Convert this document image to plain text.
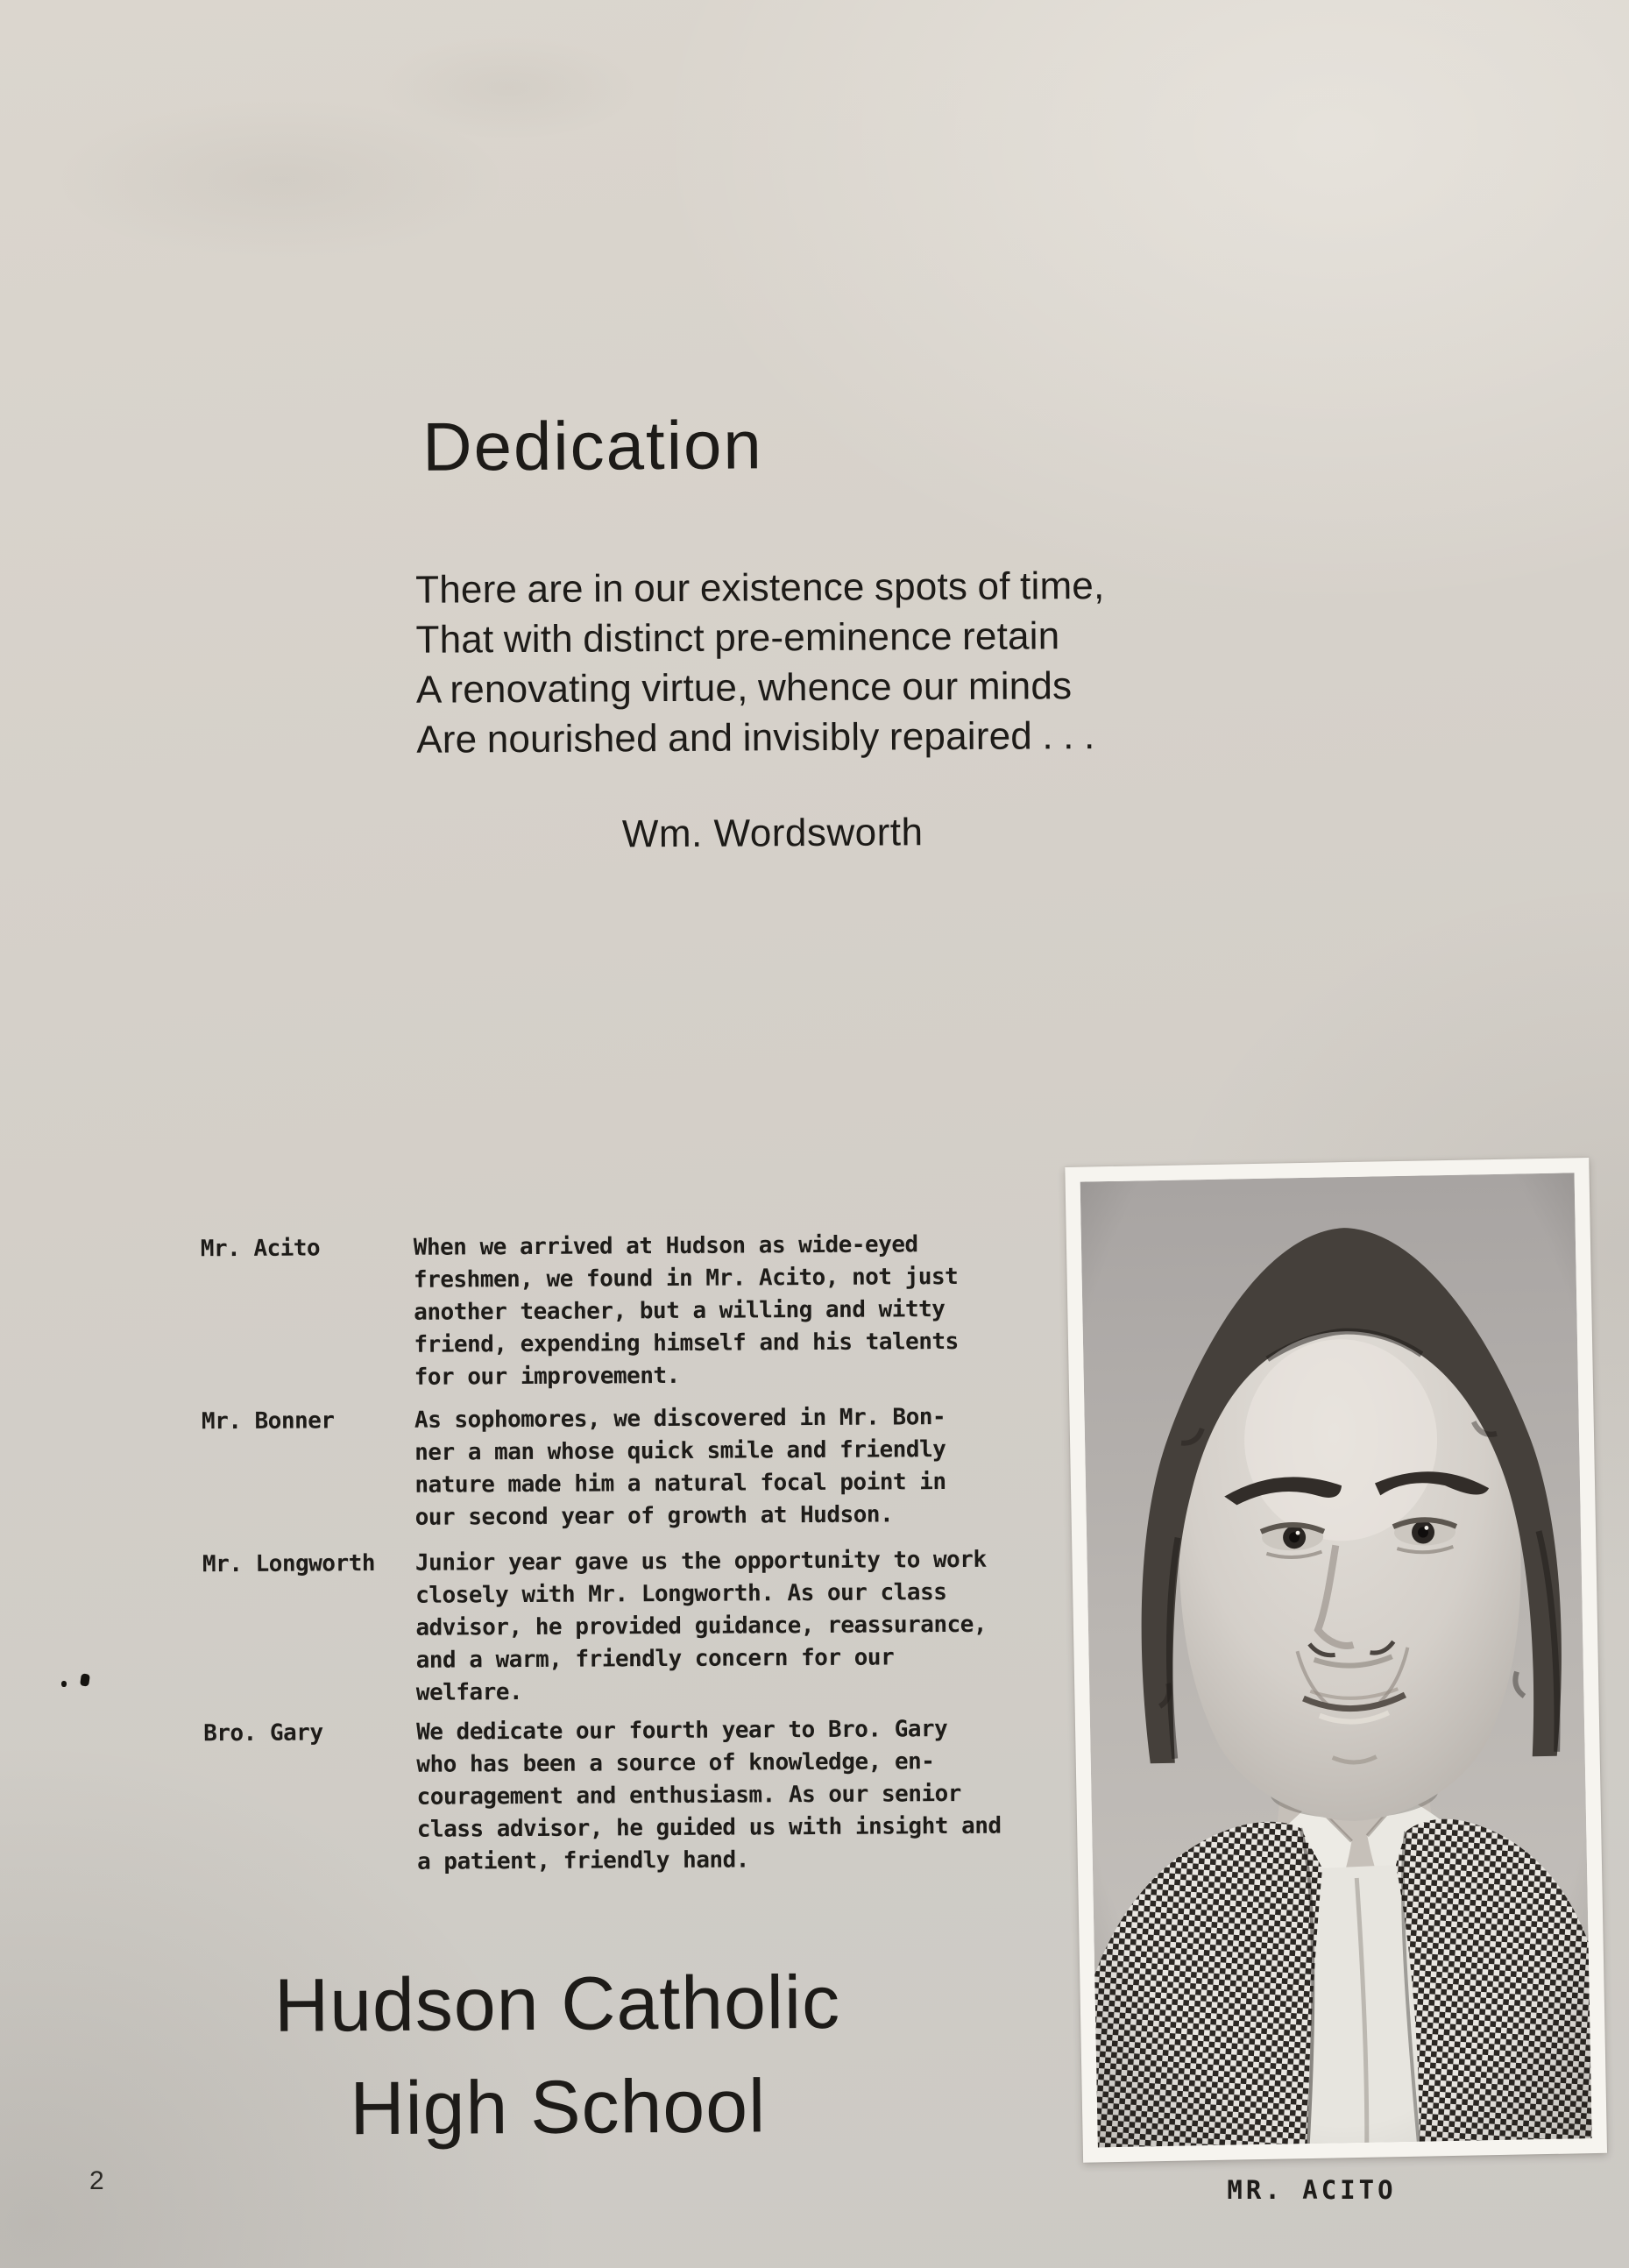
Dedication
There are in our existence spots of time,
That with distinct pre-eminence retain
A renovating virtue, whence our minds
Are nourished and invisibly repaired . . .
Wm. Wordsworth
Mr. Acito	When we arrived at Hudson as wide-eyed
freshmen, we found in Mr. Acito, not just
another teacher, but a willing and witty
friend, expending himself and his talents
for our improvement.
Mr. Bonner	As sophomores, we discovered in Mr. Bon-
ner a man whose quick smile and friendly
nature made him a natural focal point in
our second year of growth at Hudson.
Mr. Longworth Junior year gave us the opportunity to work
closely with Mr. Longworth. As our class
advisor, he provided guidance, reassurance,
and a warm, friendly concern for our
welfare.
Bro. Gary	We dedicate our fourth year to Bro. Gary
who has been a source of knowledge, en-
couragement and enthusiasm. As our senior
class advisor, he guided us with insight and
a patient, friendly hand.
Hudson Catholic
High School
MR. ACITO
2
